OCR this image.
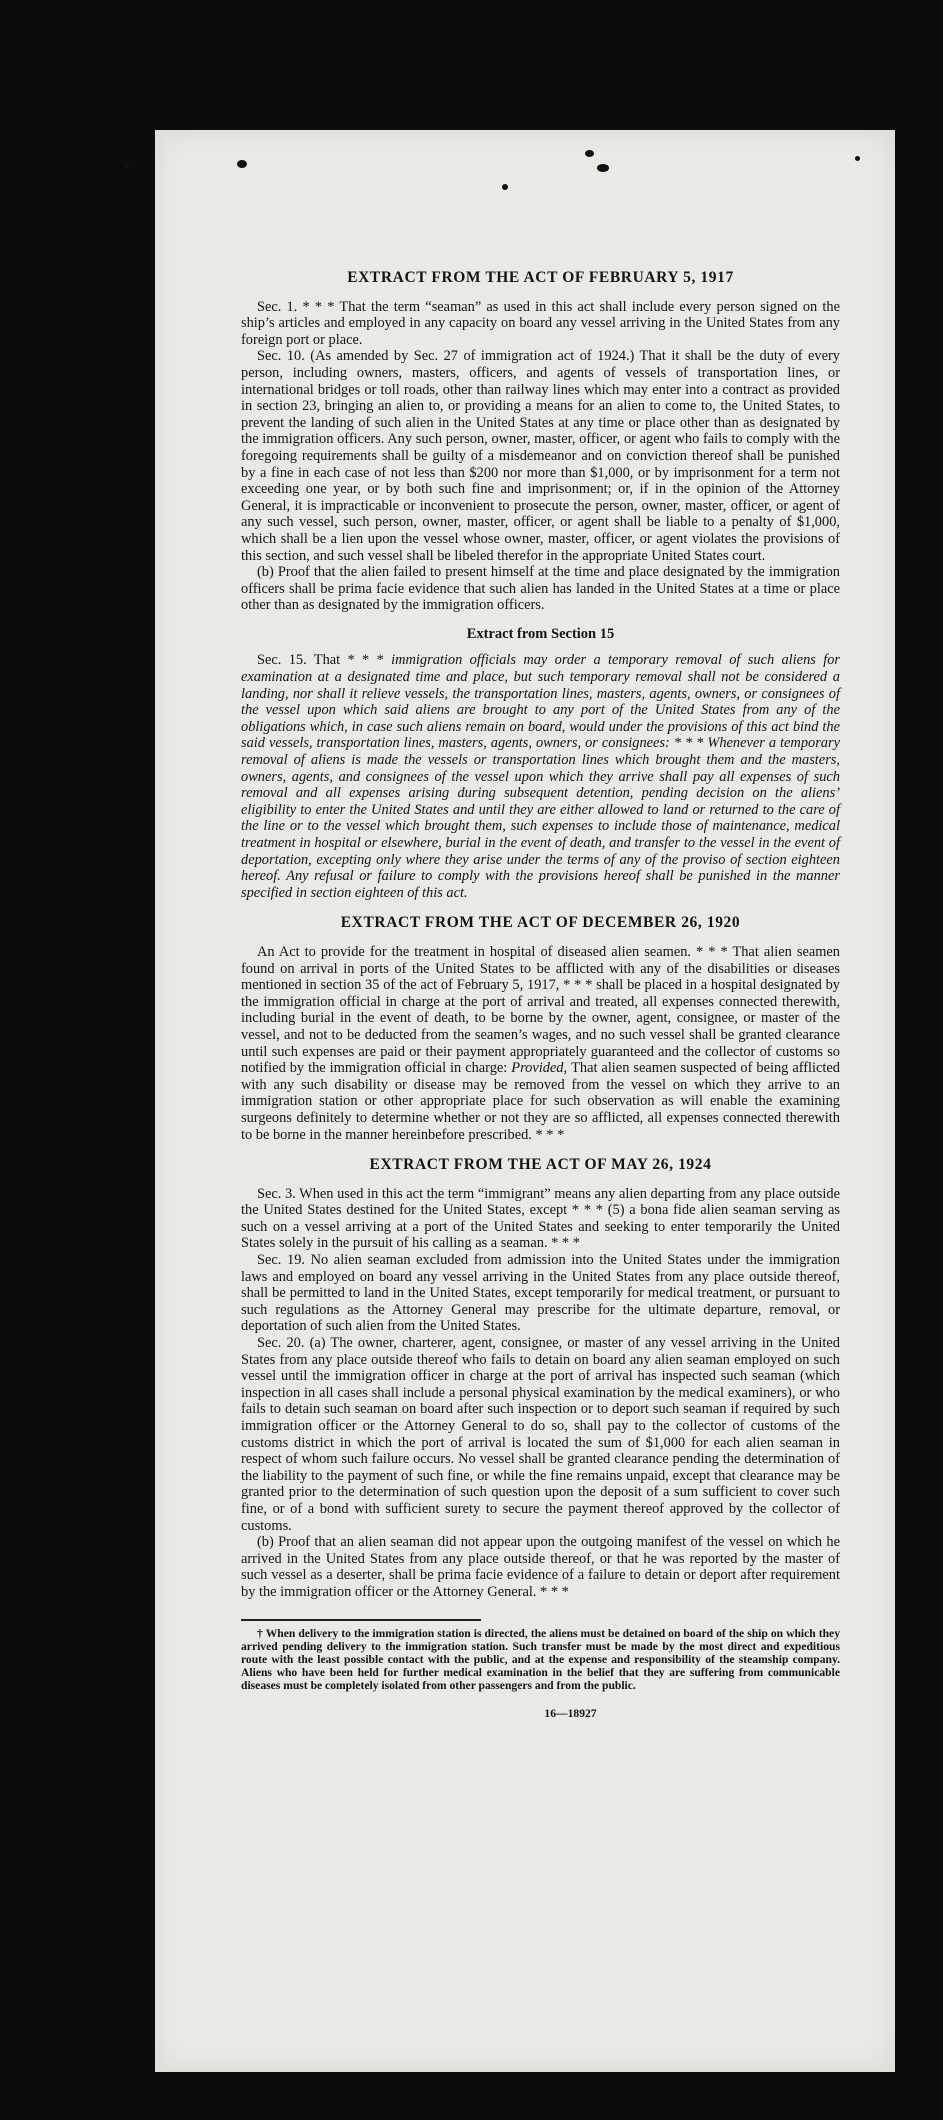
EXTRACT FROM THE ACT OF FEBRUARY 5, 1917

Sec. 1. * * * That the term “seaman” as used in this act shall include every person signed on the ship’s articles and employed in any capacity on board any vessel arriving in the United States from any foreign port or place.

Sec. 10. (As amended by Sec. 27 of immigration act of 1924.) That it shall be the duty of every person, including owners, masters, officers, and agents of vessels of transportation lines, or international bridges or toll roads, other than railway lines which may enter into a contract as provided in section 23, bringing an alien to, or providing a means for an alien to come to, the United States, to prevent the landing of such alien in the United States at any time or place other than as designated by the immigration officers. Any such person, owner, master, officer, or agent who fails to comply with the foregoing requirements shall be guilty of a misdemeanor and on conviction thereof shall be punished by a fine in each case of not less than $200 nor more than $1,000, or by imprisonment for a term not exceeding one year, or by both such fine and imprisonment; or, if in the opinion of the Attorney General, it is impracticable or inconvenient to prosecute the person, owner, master, officer, or agent of any such vessel, such person, owner, master, officer, or agent shall be liable to a penalty of $1,000, which shall be a lien upon the vessel whose owner, master, officer, or agent violates the provisions of this section, and such vessel shall be libeled therefor in the appropriate United States court.

(b) Proof that the alien failed to present himself at the time and place designated by the immigration officers shall be prima facie evidence that such alien has landed in the United States at a time or place other than as designated by the immigration officers.

Extract from Section 15

Sec. 15. That * * * immigration officials may order a temporary removal of such aliens for examination at a designated time and place, but such temporary removal shall not be considered a landing, nor shall it relieve vessels, the transportation lines, masters, agents, owners, or consignees of the vessel upon which said aliens are brought to any port of the United States from any of the obligations which, in case such aliens remain on board, would under the provisions of this act bind the said vessels, transportation lines, masters, agents, owners, or consignees: * * * Whenever a temporary removal of aliens is made the vessels or transportation lines which brought them and the masters, owners, agents, and consignees of the vessel upon which they arrive shall pay all expenses of such removal and all expenses arising during subsequent detention, pending decision on the aliens’ eligibility to enter the United States and until they are either allowed to land or returned to the care of the line or to the vessel which brought them, such expenses to include those of maintenance, medical treatment in hospital or elsewhere, burial in the event of death, and transfer to the vessel in the event of deportation, excepting only where they arise under the terms of any of the proviso of section eighteen hereof. Any refusal or failure to comply with the provisions hereof shall be punished in the manner specified in section eighteen of this act.

EXTRACT FROM THE ACT OF DECEMBER 26, 1920

An Act to provide for the treatment in hospital of diseased alien seamen. * * * That alien seamen found on arrival in ports of the United States to be afflicted with any of the disabilities or diseases mentioned in section 35 of the act of February 5, 1917, * * * shall be placed in a hospital designated by the immigration official in charge at the port of arrival and treated, all expenses connected therewith, including burial in the event of death, to be borne by the owner, agent, consignee, or master of the vessel, and not to be deducted from the seamen’s wages, and no such vessel shall be granted clearance until such expenses are paid or their payment appropriately guaranteed and the collector of customs so notified by the immigration official in charge: Provided, That alien seamen suspected of being afflicted with any such disability or disease may be removed from the vessel on which they arrive to an immigration station or other appropriate place for such observation as will enable the examining surgeons definitely to determine whether or not they are so afflicted, all expenses connected therewith to be borne in the manner hereinbefore prescribed. * * *

EXTRACT FROM THE ACT OF MAY 26, 1924

Sec. 3. When used in this act the term “immigrant” means any alien departing from any place outside the United States destined for the United States, except * * * (5) a bona fide alien seaman serving as such on a vessel arriving at a port of the United States and seeking to enter temporarily the United States solely in the pursuit of his calling as a seaman. * * *

Sec. 19. No alien seaman excluded from admission into the United States under the immigration laws and employed on board any vessel arriving in the United States from any place outside thereof, shall be permitted to land in the United States, except temporarily for medical treatment, or pursuant to such regulations as the Attorney General may prescribe for the ultimate departure, removal, or deportation of such alien from the United States.

Sec. 20. (a) The owner, charterer, agent, consignee, or master of any vessel arriving in the United States from any place outside thereof who fails to detain on board any alien seaman employed on such vessel until the immigration officer in charge at the port of arrival has inspected such seaman (which inspection in all cases shall include a personal physical examination by the medical examiners), or who fails to detain such seaman on board after such inspection or to deport such seaman if required by such immigration officer or the Attorney General to do so, shall pay to the collector of customs of the customs district in which the port of arrival is located the sum of $1,000 for each alien seaman in respect of whom such failure occurs. No vessel shall be granted clearance pending the determination of the liability to the payment of such fine, or while the fine remains unpaid, except that clearance may be granted prior to the determination of such question upon the deposit of a sum sufficient to cover such fine, or of a bond with sufficient surety to secure the payment thereof approved by the collector of customs.

(b) Proof that an alien seaman did not appear upon the outgoing manifest of the vessel on which he arrived in the United States from any place outside thereof, or that he was reported by the master of such vessel as a deserter, shall be prima facie evidence of a failure to detain or deport after requirement by the immigration officer or the Attorney General. * * *

† When delivery to the immigration station is directed, the aliens must be detained on board of the ship on which they arrived pending delivery to the immigration station. Such transfer must be made by the most direct and expeditious route with the least possible contact with the public, and at the expense and responsibility of the steamship company. Aliens who have been held for further medical examination in the belief that they are suffering from communicable diseases must be completely isolated from other passengers and from the public.

16—18927
